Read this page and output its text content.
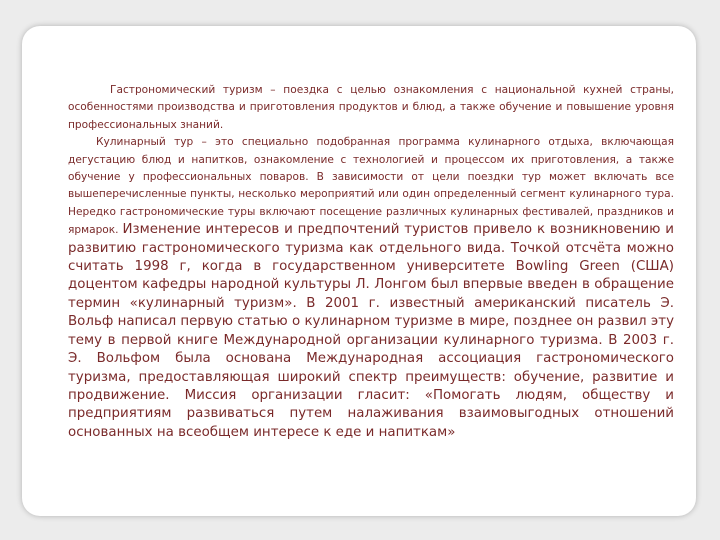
Гастрономический туризм – поездка с целью ознакомления с национальной кухней страны, особенностями производства и приготовления продуктов и блюд, а также обучение и повышение уровня профессиональных знаний.

Кулинарный тур – это специально подобранная программа кулинарного отдыха, включающая дегустацию блюд и напитков, ознакомление с технологией и процессом их приготовления, а также обучение у профессиональных поваров. В зависимости от цели поездки тур может включать все вышеперечисленные пункты, несколько мероприятий или один определенный сегмент кулинарного тура. Нередко гастрономические туры включают посещение различных кулинарных фестивалей, праздников и ярмарок. Изменение интересов и предпочтений туристов привело к возникновению и развитию гастрономического туризма как отдельного вида. Точкой отсчёта можно считать 1998 г, когда в государственном университете Bowling Green (США) доцентом кафедры народной культуры Л. Лонгом был впервые введен в обращение термин «кулинарный туризм». В 2001 г. известный американский писатель Э. Вольф написал первую статью о кулинарном туризме в мире, позднее он развил эту тему в первой книге Международной организации кулинарного туризма. В 2003 г. Э. Вольфом была основана Международная ассоциация гастрономического туризма, предоставляющая широкий спектр преимуществ: обучение, развитие и продвижение. Миссия организации гласит: «Помогать людям, обществу и предприятиям развиваться путем налаживания взаимовыгодных отношений основанных на всеобщем интересе к еде и напиткам»
